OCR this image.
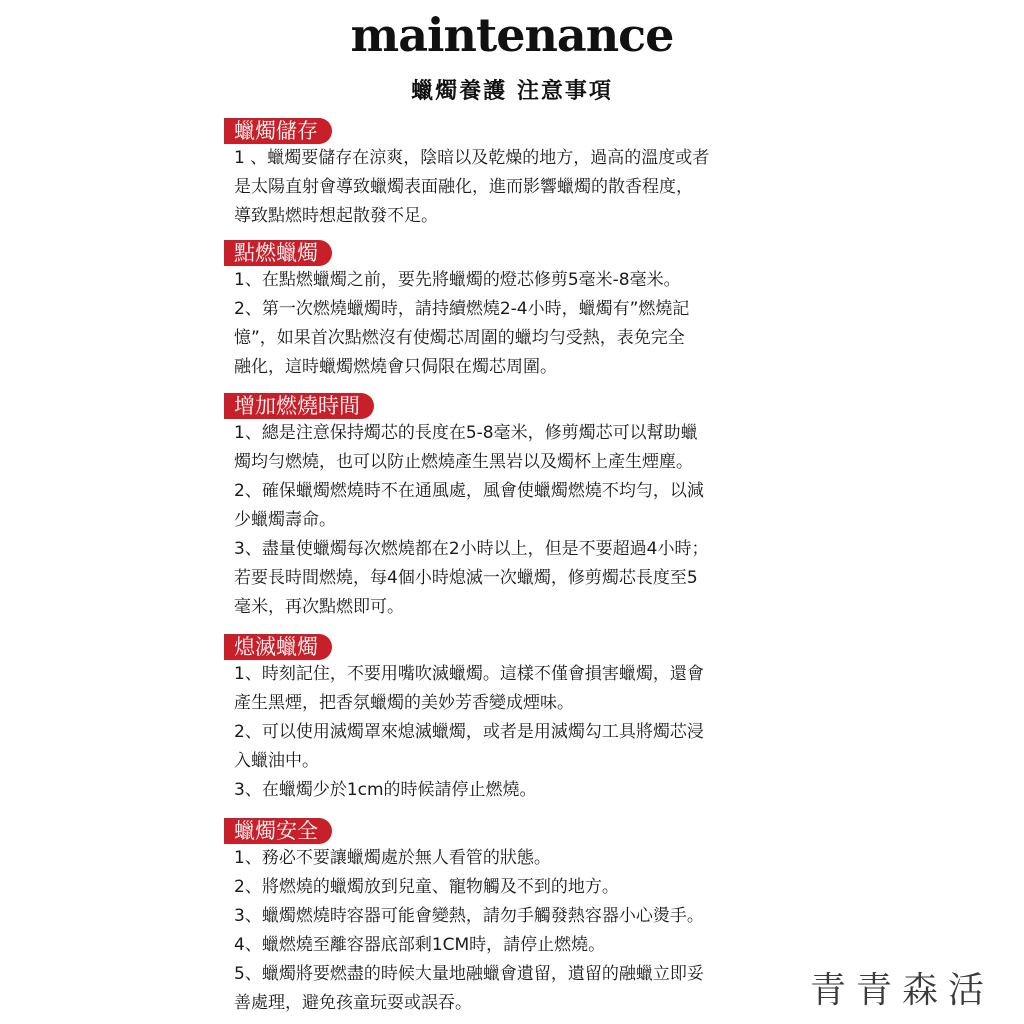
maintenance
蠟燭養護 注意事項
蠟燭儲存
1 、蠟燭要儲存在涼爽，陰暗以及乾燥的地方，過高的溫度或者
是太陽直射會導致蠟燭表面融化，進而影響蠟燭的散香程度，
導致點燃時想起散發不足。
點燃蠟燭
1、在點燃蠟燭之前，要先將蠟燭的燈芯修剪5毫米-8毫米。
2、第一次燃燒蠟燭時，請持續燃燒2-4小時，蠟燭有”燃燒記
憶”，如果首次點燃沒有使燭芯周圍的蠟均勻受熱，表免完全
融化，這時蠟燭燃燒會只侷限在燭芯周圍。
增加燃燒時間
1、總是注意保持燭芯的長度在5-8毫米，修剪燭芯可以幫助蠟
燭均勻燃燒，也可以防止燃燒產生黑岩以及燭杯上產生煙塵。
2、確保蠟燭燃燒時不在通風處，風會使蠟燭燃燒不均勻，以減
少蠟燭壽命。
3、盡量使蠟燭每次燃燒都在2小時以上，但是不要超過4小時；
若要長時間燃燒，每4個小時熄滅一次蠟燭，修剪燭芯長度至5
毫米，再次點燃即可。
熄滅蠟燭
1、時刻記住，不要用嘴吹滅蠟燭。這樣不僅會損害蠟燭，還會
產生黑煙，把香氛蠟燭的美妙芳香變成煙味。
2、可以使用滅燭罩來熄滅蠟燭，或者是用滅燭勾工具將燭芯浸
入蠟油中。
3、在蠟燭少於1cm的時候請停止燃燒。
蠟燭安全
1、務必不要讓蠟燭處於無人看管的狀態。
2、將燃燒的蠟燭放到兒童、寵物觸及不到的地方。
3、蠟燭燃燒時容器可能會變熱，請勿手觸發熱容器小心燙手。
4、蠟燃燒至離容器底部剩1CM時，請停止燃燒。
5、蠟燭將要燃盡的時候大量地融蠟會遺留，遺留的融蠟立即妥
善處理，避免孩童玩耍或誤吞。	青青森活
